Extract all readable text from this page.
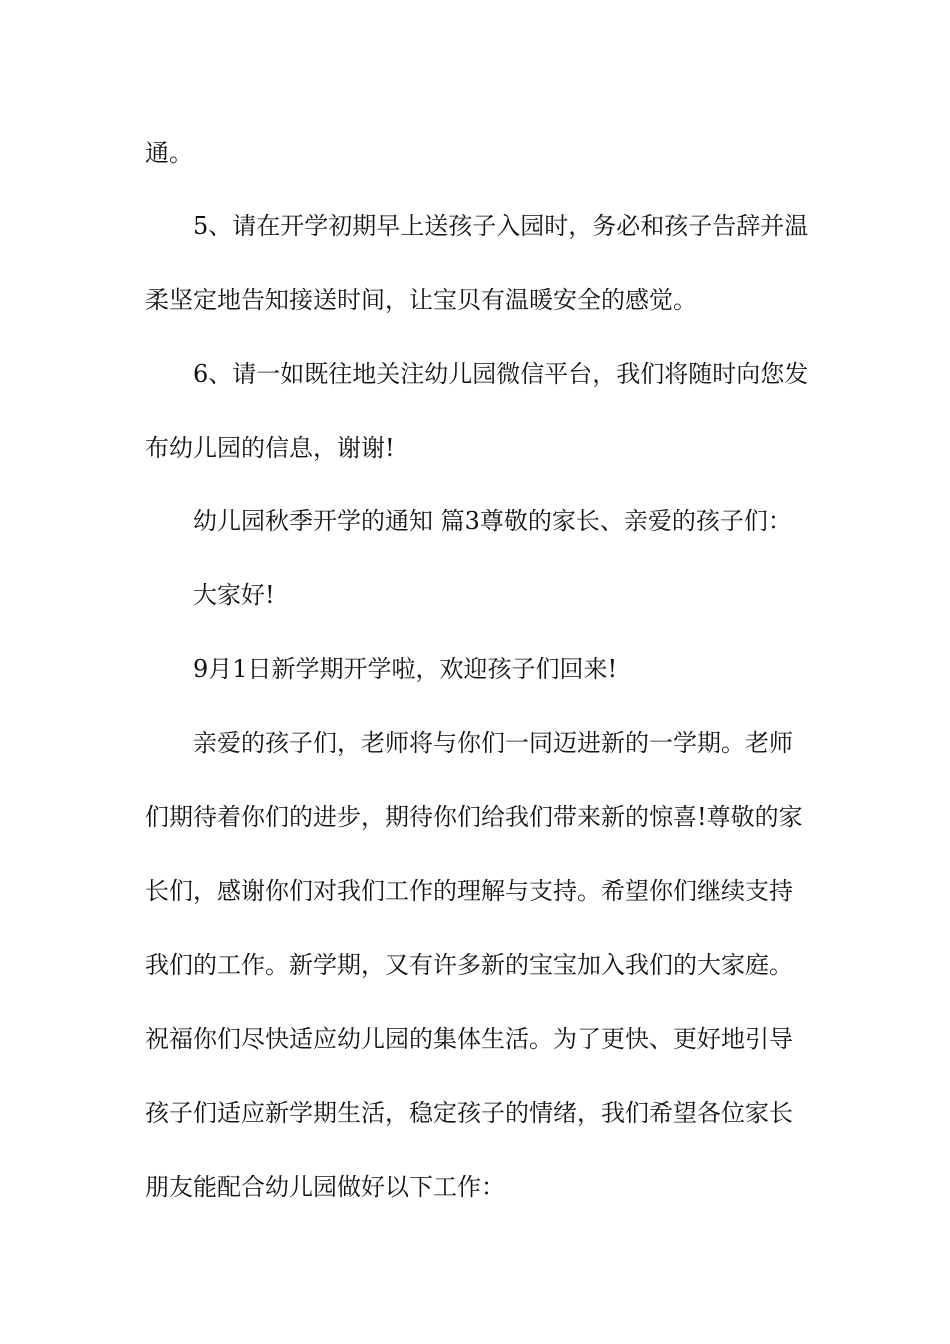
通。
5、请在开学初期早上送孩子入园时，务必和孩子告辞并温
柔坚定地告知接送时间，让宝贝有温暖安全的感觉。
6、请一如既往地关注幼儿园微信平台，我们将随时向您发
布幼儿园的信息，谢谢!
幼儿园秋季开学的通知 篇3尊敬的家长、亲爱的孩子们：
大家好!
9月1日新学期开学啦，欢迎孩子们回来!
亲爱的孩子们，老师将与你们一同迈进新的一学期。老师
们期待着你们的进步，期待你们给我们带来新的惊喜!尊敬的家
长们，感谢你们对我们工作的理解与支持。希望你们继续支持
我们的工作。新学期，又有许多新的宝宝加入我们的大家庭。
祝福你们尽快适应幼儿园的集体生活。为了更快、更好地引导
孩子们适应新学期生活，稳定孩子的情绪，我们希望各位家长
朋友能配合幼儿园做好以下工作：
